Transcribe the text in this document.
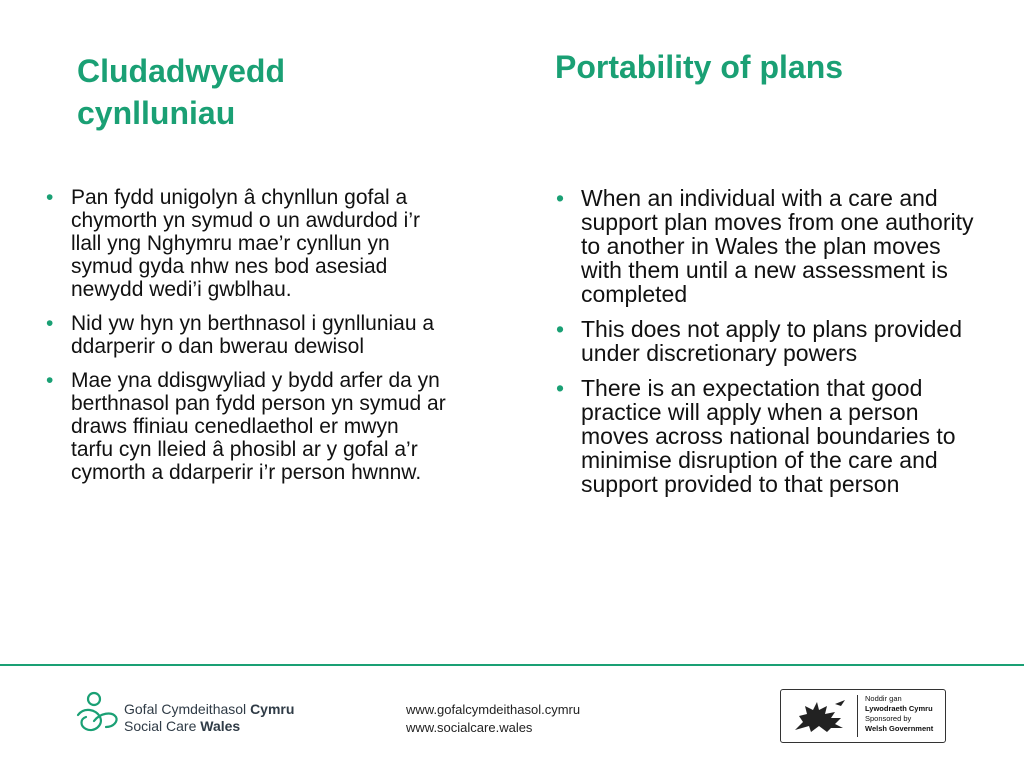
Cludadwyedd
cynlluniau
Portability of plans
• Pan fydd unigolyn â chynllun gofal a chymorth yn symud o un awdurdod i’r llall yng Nghymru mae’r cynllun yn symud gyda nhw nes bod asesiad newydd wedi’i gwblhau.
• Nid yw hyn yn berthnasol i gynlluniau a ddarperir o dan bwerau dewisol
• Mae yna ddisgwyliad y bydd arfer da yn berthnasol pan fydd person yn symud ar draws ffiniau cenedlaethol er mwyn tarfu cyn lleied â phosibl ar y gofal a’r cymorth a ddarperir i’r person hwnnw.
• When an individual with a care and support plan moves from one authority to another in Wales the plan moves with them until a new assessment is completed
• This does not apply to plans provided under discretionary powers
• There is an expectation that good practice will apply when a person moves across national boundaries to minimise disruption of the care and support provided to that person
Gofal Cymdeithasol Cymru
Social Care Wales
www.gofalcymdeithasol.cymru
www.socialcare.wales
Noddir gan
Lywodraeth Cymru
Sponsored by
Welsh Government
